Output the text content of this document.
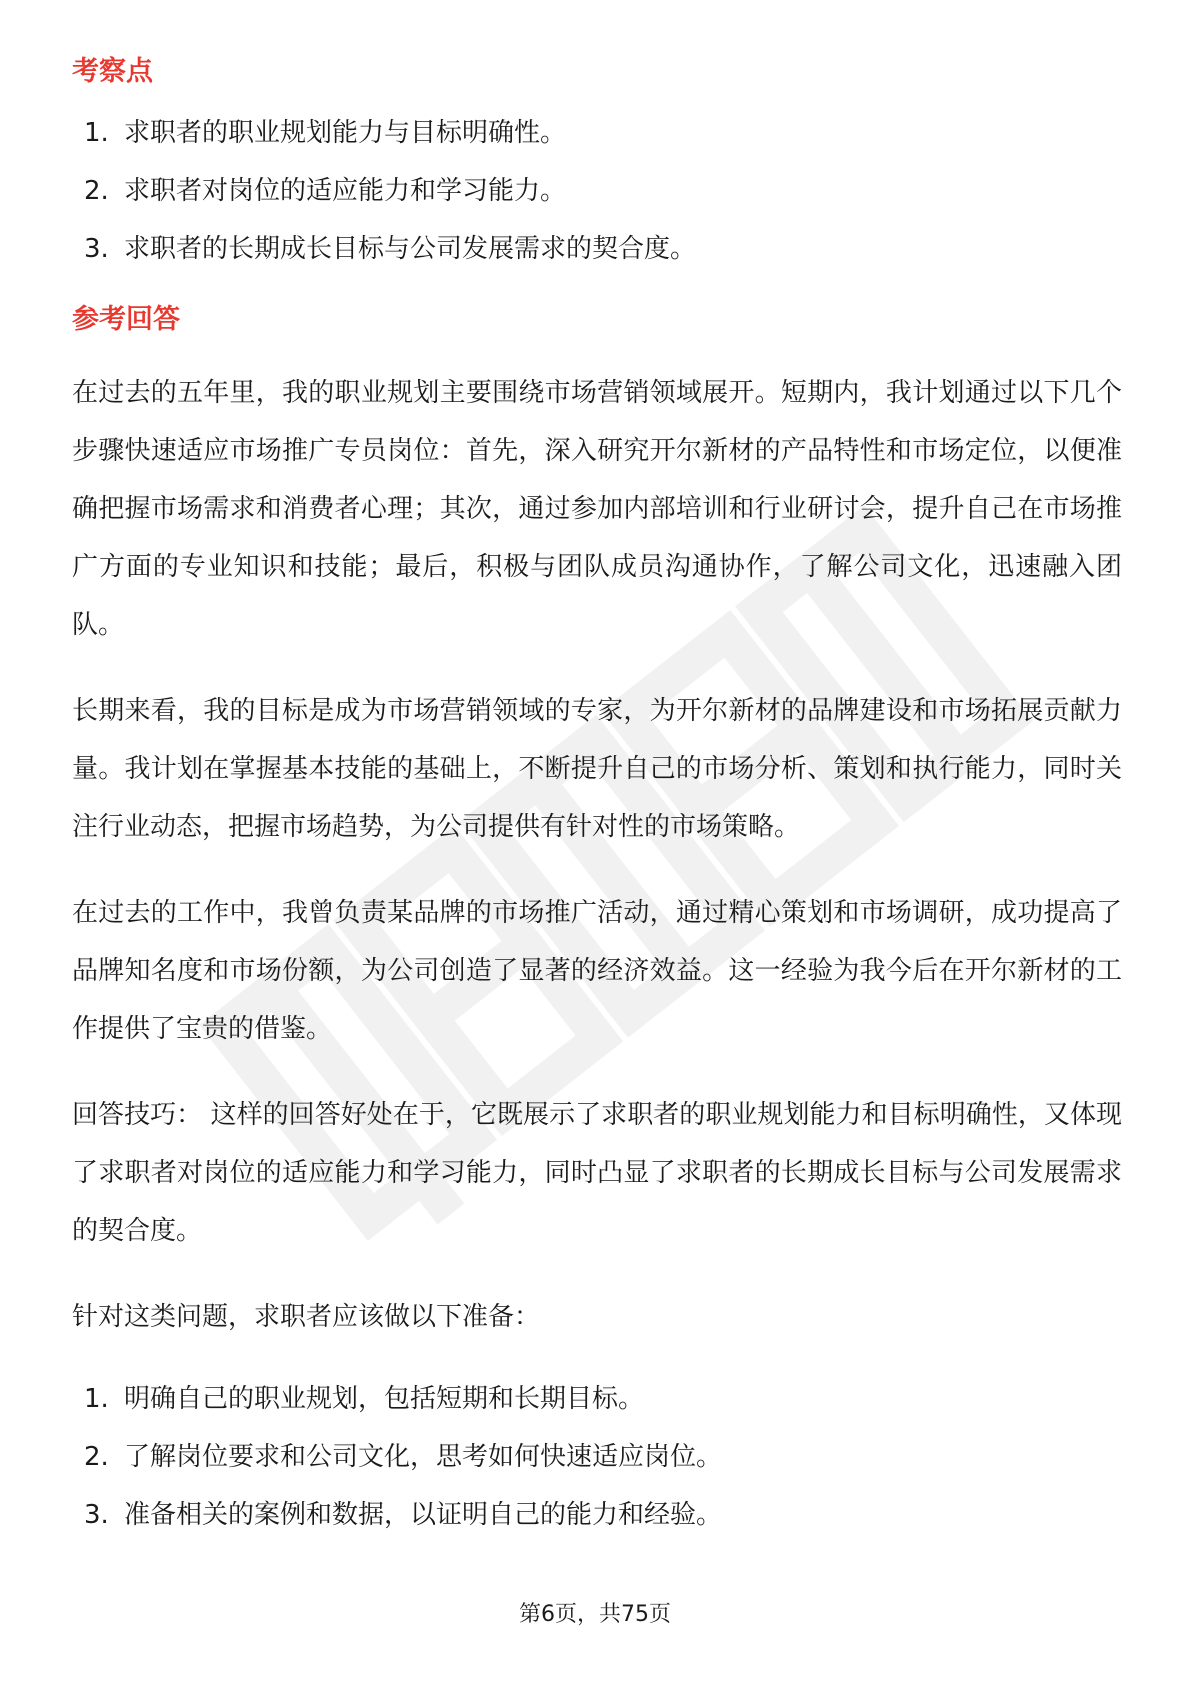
考察点
1. 求职者的职业规划能力与目标明确性。
2. 求职者对岗位的适应能力和学习能力。
3. 求职者的长期成长目标与公司发展需求的契合度。
参考回答

在过去的五年里，我的职业规划主要围绕市场营销领域展开。短期内，我计划通过以下几个步骤快速适应市场推广专员岗位：首先，深入研究开尔新材的产品特性和市场定位，以便准确把握市场需求和消费者心理；其次，通过参加内部培训和行业研讨会，提升自己在市场推广方面的专业知识和技能；最后，积极与团队成员沟通协作，了解公司文化，迅速融入团队。

长期来看，我的目标是成为市场营销领域的专家，为开尔新材的品牌建设和市场拓展贡献力量。我计划在掌握基本技能的基础上，不断提升自己的市场分析、策划和执行能力，同时关注行业动态，把握市场趋势，为公司提供有针对性的市场策略。

在过去的工作中，我曾负责某品牌的市场推广活动，通过精心策划和市场调研，成功提高了品牌知名度和市场份额，为公司创造了显著的经济效益。这一经验为我今后在开尔新材的工作提供了宝贵的借鉴。

回答技巧： 这样的回答好处在于，它既展示了求职者的职业规划能力和目标明确性，又体现了求职者对岗位的适应能力和学习能力，同时凸显了求职者的长期成长目标与公司发展需求的契合度。

针对这类问题，求职者应该做以下准备：

1. 明确自己的职业规划，包括短期和长期目标。
2. 了解岗位要求和公司文化，思考如何快速适应岗位。
3. 准备相关的案例和数据，以证明自己的能力和经验。
第6页，共75页
